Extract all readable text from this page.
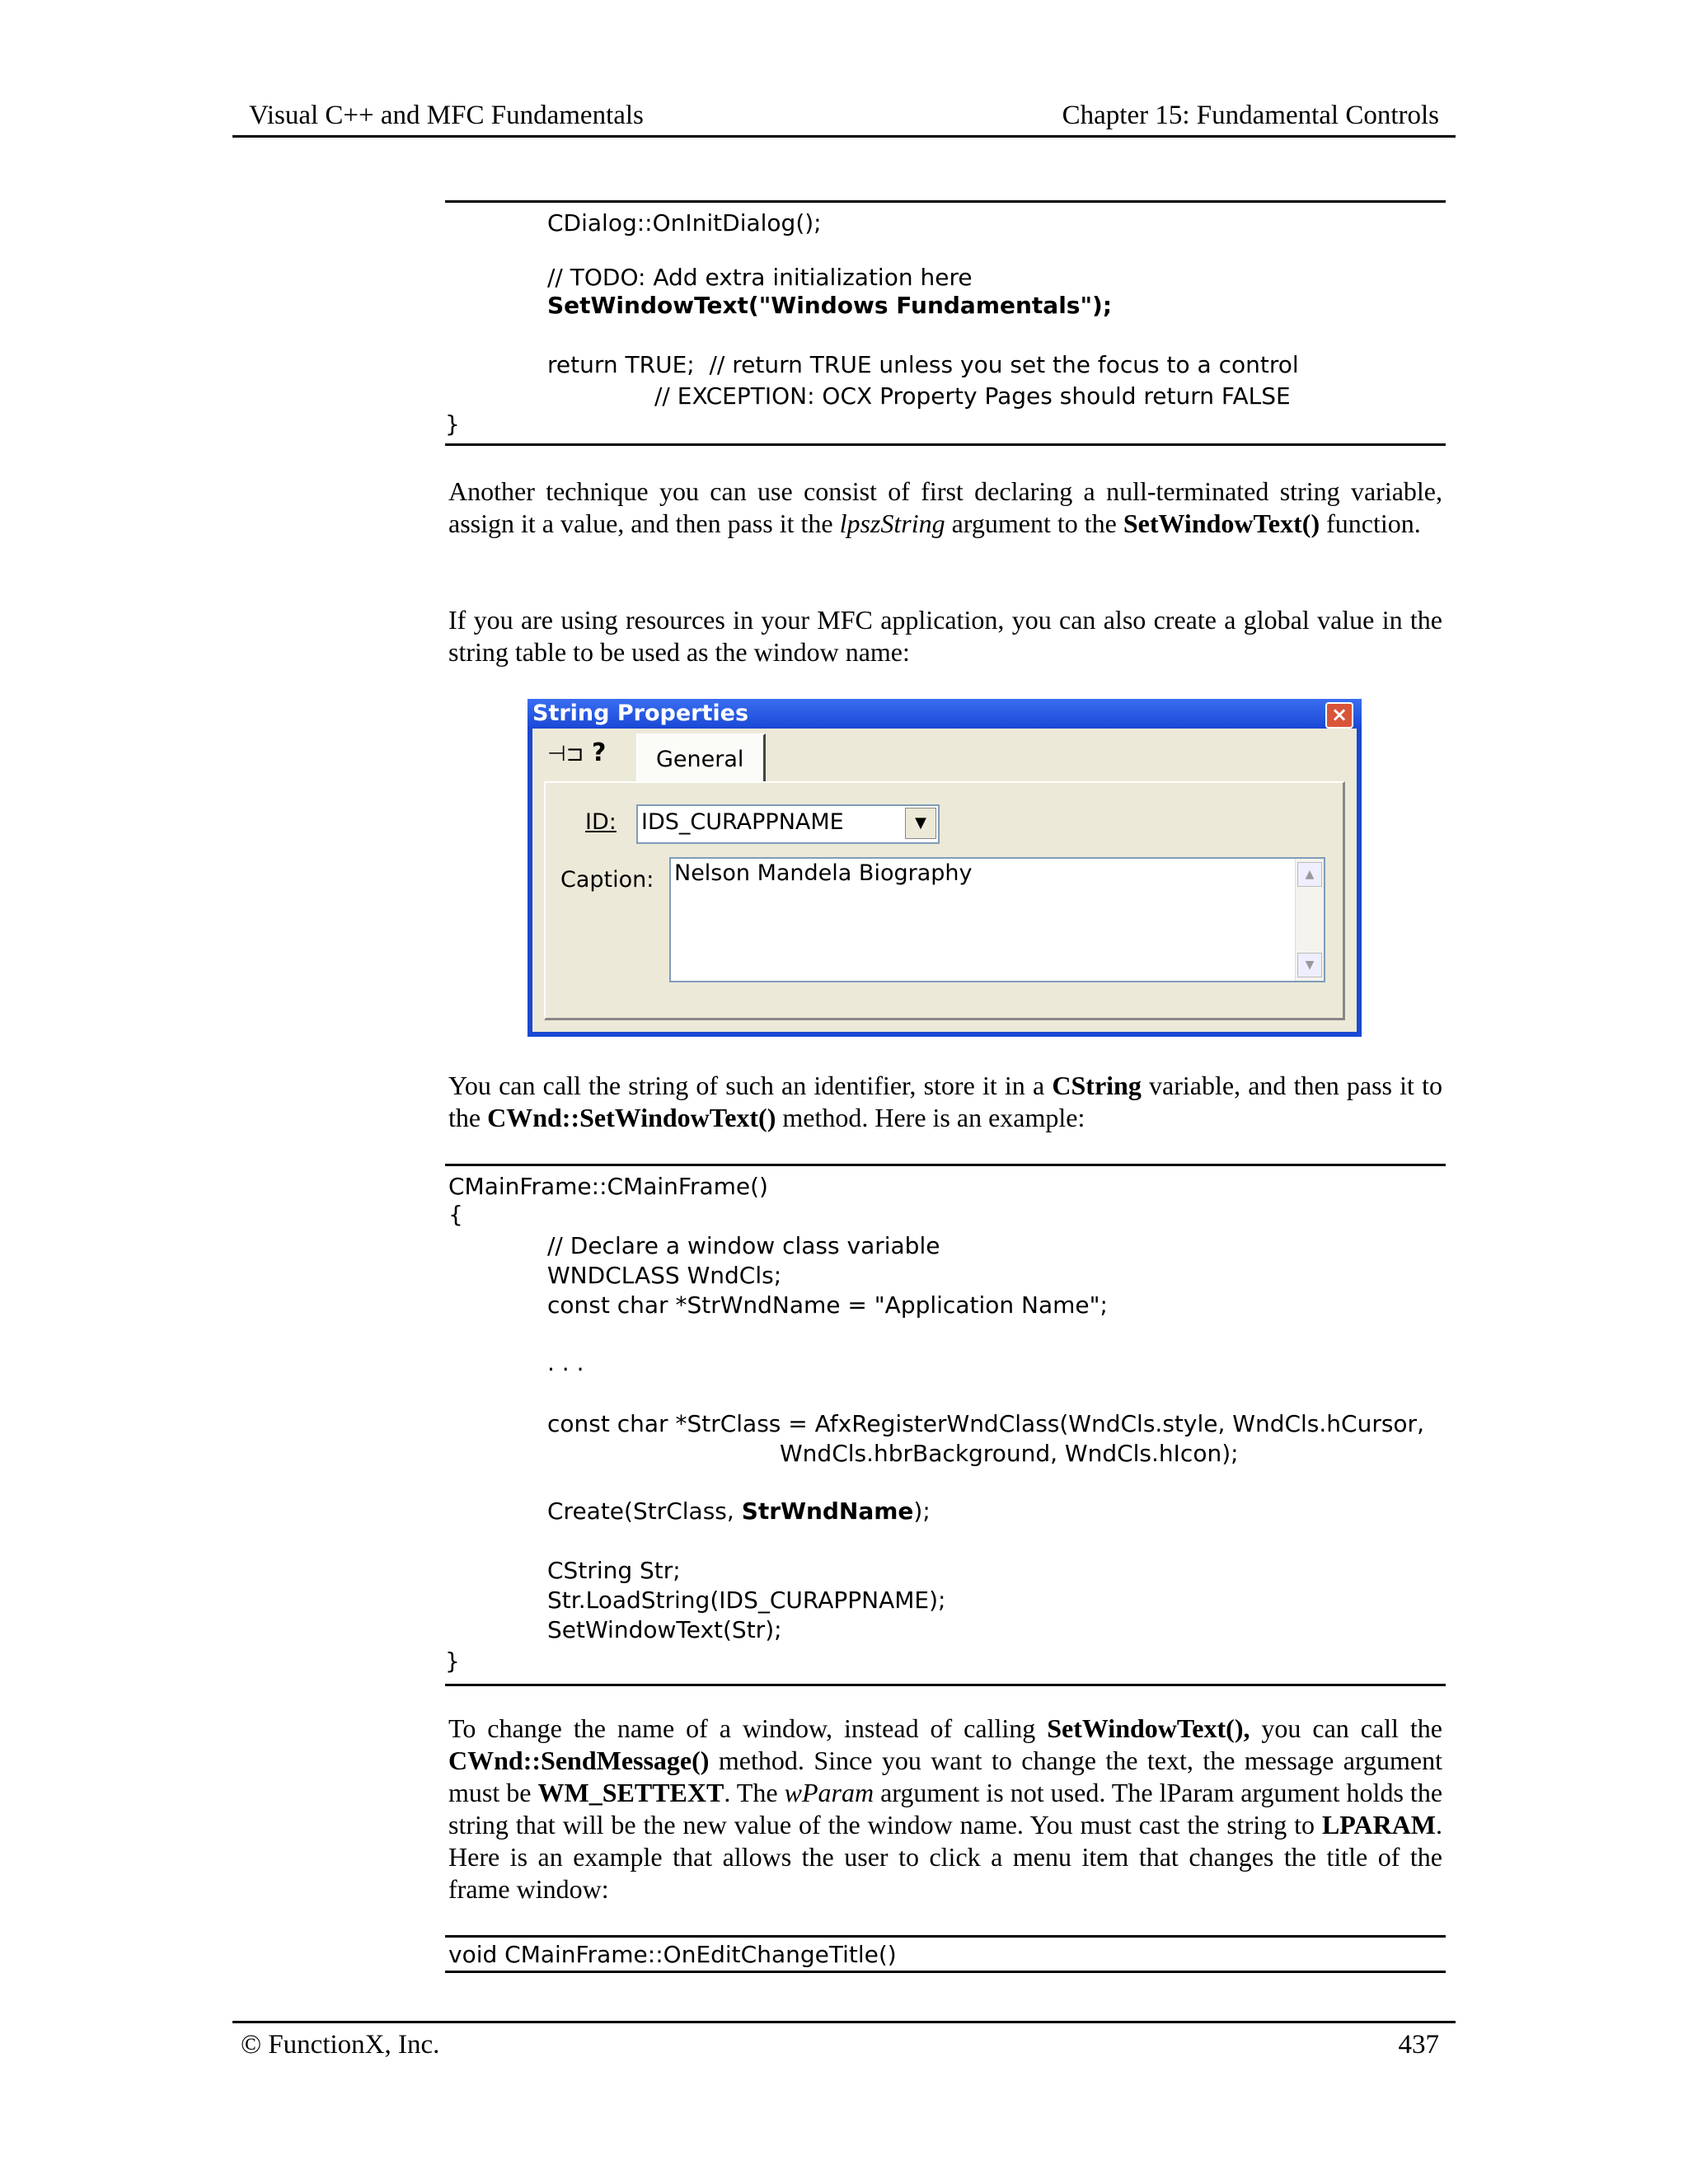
Visual C++ and MFC Fundamentals	Chapter 15: Fundamental Controls
CDialog::OnInitDialog();
// TODO: Add extra initialization here
SetWindowText("Windows Fundamentals");
return TRUE;  // return TRUE unless you set the focus to a control
// EXCEPTION: OCX Property Pages should return FALSE
}
Another technique you can use consist of first declaring a null-terminated string variable, assign it a value, and then pass it the lpszString argument to the SetWindowText() function.
If you are using resources in your MFC application, you can also create a global value in the string table to be used as the window name:
String Properties	×
⊣⊐ ? General
ID: IDS_CURAPPNAME	▼
Caption: Nelson Mandela Biography	▲
▼
You can call the string of such an identifier, store it in a CString variable, and then pass it to the CWnd::SetWindowText() method. Here is an example:
CMainFrame::CMainFrame()
{
// Declare a window class variable
WNDCLASS WndCls;
const char *StrWndName = "Application Name";
. . .
const char *StrClass = AfxRegisterWndClass(WndCls.style, WndCls.hCursor,
WndCls.hbrBackground, WndCls.hIcon);
Create(StrClass, StrWndName);
CString Str;
Str.LoadString(IDS_CURAPPNAME);
SetWindowText(Str);
}
To change the name of a window, instead of calling SetWindowText(), you can call the CWnd::SendMessage() method. Since you want to change the text, the message argument must be WM_SETTEXT. The wParam argument is not used. The lParam argument holds the string that will be the new value of the window name. You must cast the string to LPARAM. Here is an example that allows the user to click a menu item that changes the title of the frame window:
void CMainFrame::OnEditChangeTitle()
© FunctionX, Inc.	437
